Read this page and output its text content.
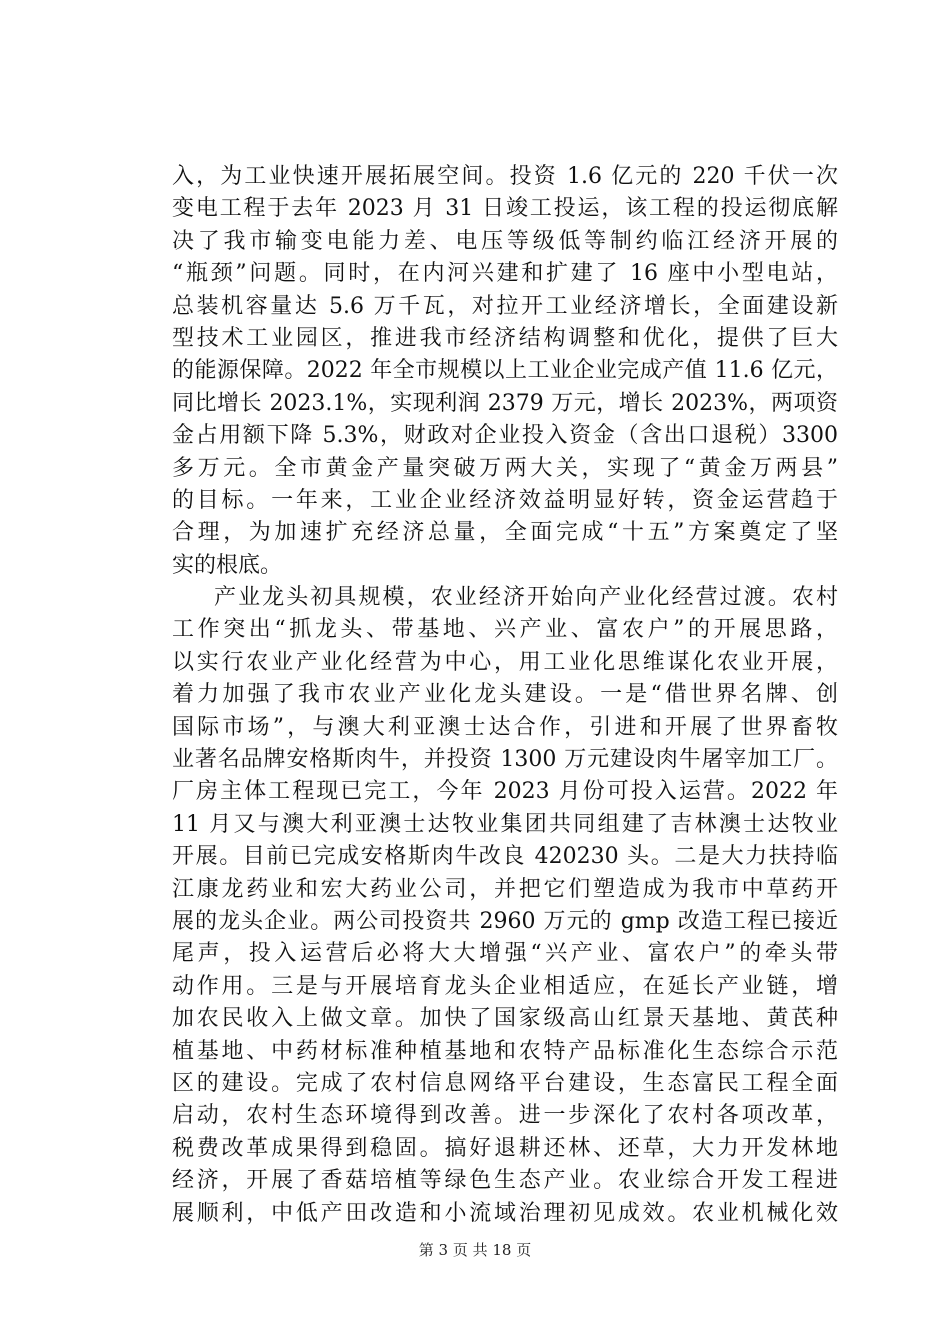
入，为工业快速开展拓展空间。投资 1.6 亿元的 220 千伏一次
变电工程于去年 2023 月 31 日竣工投运，该工程的投运彻底解
决了我市输变电能力差、电压等级低等制约临江经济开展的
“瓶颈”问题。同时，在内河兴建和扩建了 16 座中小型电站，
总装机容量达 5.6 万千瓦，对拉开工业经济增长，全面建设新
型技术工业园区，推进我市经济结构调整和优化，提供了巨大
的能源保障。2022 年全市规模以上工业企业完成产值 11.6 亿元，
同比增长 2023.1%，实现利润 2379 万元，增长 2023%，两项资
金占用额下降 5.3%，财政对企业投入资金（含出口退税）3300
多万元。全市黄金产量突破万两大关，实现了“黄金万两县”
的目标。一年来，工业企业经济效益明显好转，资金运营趋于
合理，为加速扩充经济总量，全面完成“十五”方案奠定了坚
实的根底。
产业龙头初具规模，农业经济开始向产业化经营过渡。农村
工作突出“抓龙头、带基地、兴产业、富农户”的开展思路，
以实行农业产业化经营为中心，用工业化思维谋化农业开展，
着力加强了我市农业产业化龙头建设。一是“借世界名牌、创
国际市场”，与澳大利亚澳士达合作，引进和开展了世界畜牧
业著名品牌安格斯肉牛，并投资 1300 万元建设肉牛屠宰加工厂。
厂房主体工程现已完工，今年 2023 月份可投入运营。2022 年
11 月又与澳大利亚澳士达牧业集团共同组建了吉林澳士达牧业
开展。目前已完成安格斯肉牛改良 420230 头。二是大力扶持临
江康龙药业和宏大药业公司，并把它们塑造成为我市中草药开
展的龙头企业。两公司投资共 2960 万元的 gmp 改造工程已接近
尾声，投入运营后必将大大增强“兴产业、富农户”的牵头带
动作用。三是与开展培育龙头企业相适应，在延长产业链，增
加农民收入上做文章。加快了国家级高山红景天基地、黄芪种
植基地、中药材标准种植基地和农特产品标准化生态综合示范
区的建设。完成了农村信息网络平台建设，生态富民工程全面
启动，农村生态环境得到改善。进一步深化了农村各项改革，
税费改革成果得到稳固。搞好退耕还林、还草，大力开发林地
经济，开展了香菇培植等绿色生态产业。农业综合开发工程进
展顺利，中低产田改造和小流域治理初见成效。农业机械化效
第 3 页 共 18 页
